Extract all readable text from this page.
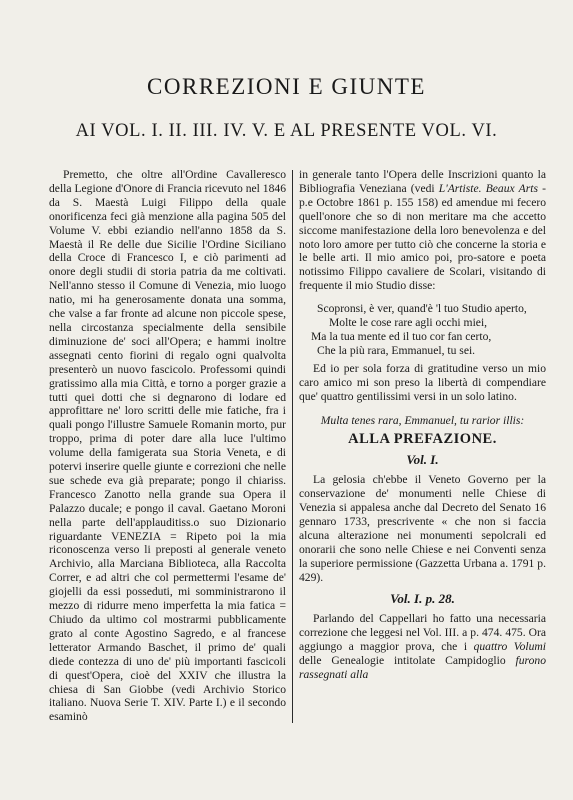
CORREZIONI E GIUNTE
AI VOL. I. II. III. IV. V. E AL PRESENTE VOL. VI.

Premetto, che oltre all'Ordine Cavalleresco della Legione d'Onore di Francia ricevuto nel 1846 da S. Maestà Luigi Filippo della quale onorificenza feci già menzione alla pagina 505 del Volume V. ebbi eziandio nell'anno 1858 da S. Maestà il Re delle due Sicilie l'Ordine Siciliano della Croce di Francesco I, e ciò parimenti ad onore degli studii di storia patria da me coltivati. Nell'anno stesso il Comune di Venezia, mio luogo natio, mi ha generosamente donata una somma, che valse a far fronte ad alcune non piccole spese, nella circostanza specialmente della sensibile diminuzione de' soci all'Opera; e hammi inoltre assegnati cento fiorini di regalo ogni qualvolta presenterò un nuovo fascicolo. Professomi quindi gratissimo alla mia Città, e torno a porger grazie a tutti quei dotti che si degnarono di lodare ed approfittare ne' loro scritti delle mie fatiche, fra i quali pongo l'illustre Samuele Romanin morto, pur troppo, prima di poter dare alla luce l'ultimo volume della famigerata sua Storia Veneta, e di potervi inserire quelle giunte e correzioni che nelle sue schede eva già preparate; pongo il chiariss. Francesco Zanotto nella grande sua Opera il Palazzo ducale; e pongo il caval. Gaetano Moroni nella parte dell'applauditiss.o suo Dizionario riguardante VENEZIA = Ripeto poi la mia riconoscenza verso li preposti al generale veneto Archivio, alla Marciana Biblioteca, alla Raccolta Correr, e ad altri che col permettermi l'esame de' giojelli da essi posseduti, mi somministrarono il mezzo di ridurre meno imperfetta la mia fatica = Chiudo da ultimo col mostrarmi pubblicamente grato al conte Agostino Sagredo, e al francese letterator Armando Baschet, il primo de' quali diede contezza di uno de' più importanti fascicoli di quest'Opera, cioè del XXIV che illustra la chiesa di San Giobbe (vedi Archivio Storico italiano. Nuova Serie T. XIV. Parte I.) e il secondo esaminò

in generale tanto l'Opera delle Inscrizioni quanto la Bibliografia Veneziana (vedi L'Artiste. Beaux Arts - p.e Octobre 1861 p. 155 158) ed amendue mi fecero quell'onore che so di non meritare ma che accetto siccome manifestazione della loro benevolenza e del noto loro amore per tutto ciò che concerne la storia e le belle arti. Il mio amico poi, pro-satore e poeta notissimo Filippo cavaliere de Scolari, visitando di frequente il mio Studio disse:

Scopronsi, è ver, quand'è 'l tuo Studio aperto,
Molte le cose rare agli occhi miei,
Ma la tua mente ed il tuo cor fan certo,
Che la più rara, Emmanuel, tu sei.

Ed io per sola forza di gratitudine verso un mio caro amico mi son preso la libertà di compendiare que' quattro gentilissimi versi in un solo latino.

Multa tenes rara, Emmanuel, tu rarior illis:
ALLA PREFAZIONE.
Vol. I.

La gelosia ch'ebbe il Veneto Governo per la conservazione de' monumenti nelle Chiese di Venezia si appalesa anche dal Decreto del Senato 16 gennaro 1733, prescrivente « che non si faccia alcuna alterazione nei monumenti sepolcrali ed onorarii che sono nelle Chiese e nei Conventi senza la superiore permissione (Gazzetta Urbana a. 1791 p. 429).

Vol. I. p. 28.

Parlando del Cappellari ho fatto una necessaria correzione che leggesi nel Vol. III. a p. 474. 475. Ora aggiungo a maggior prova, che i quattro Volumi delle Genealogie intitolate Campidoglio furono rassegnati alla
